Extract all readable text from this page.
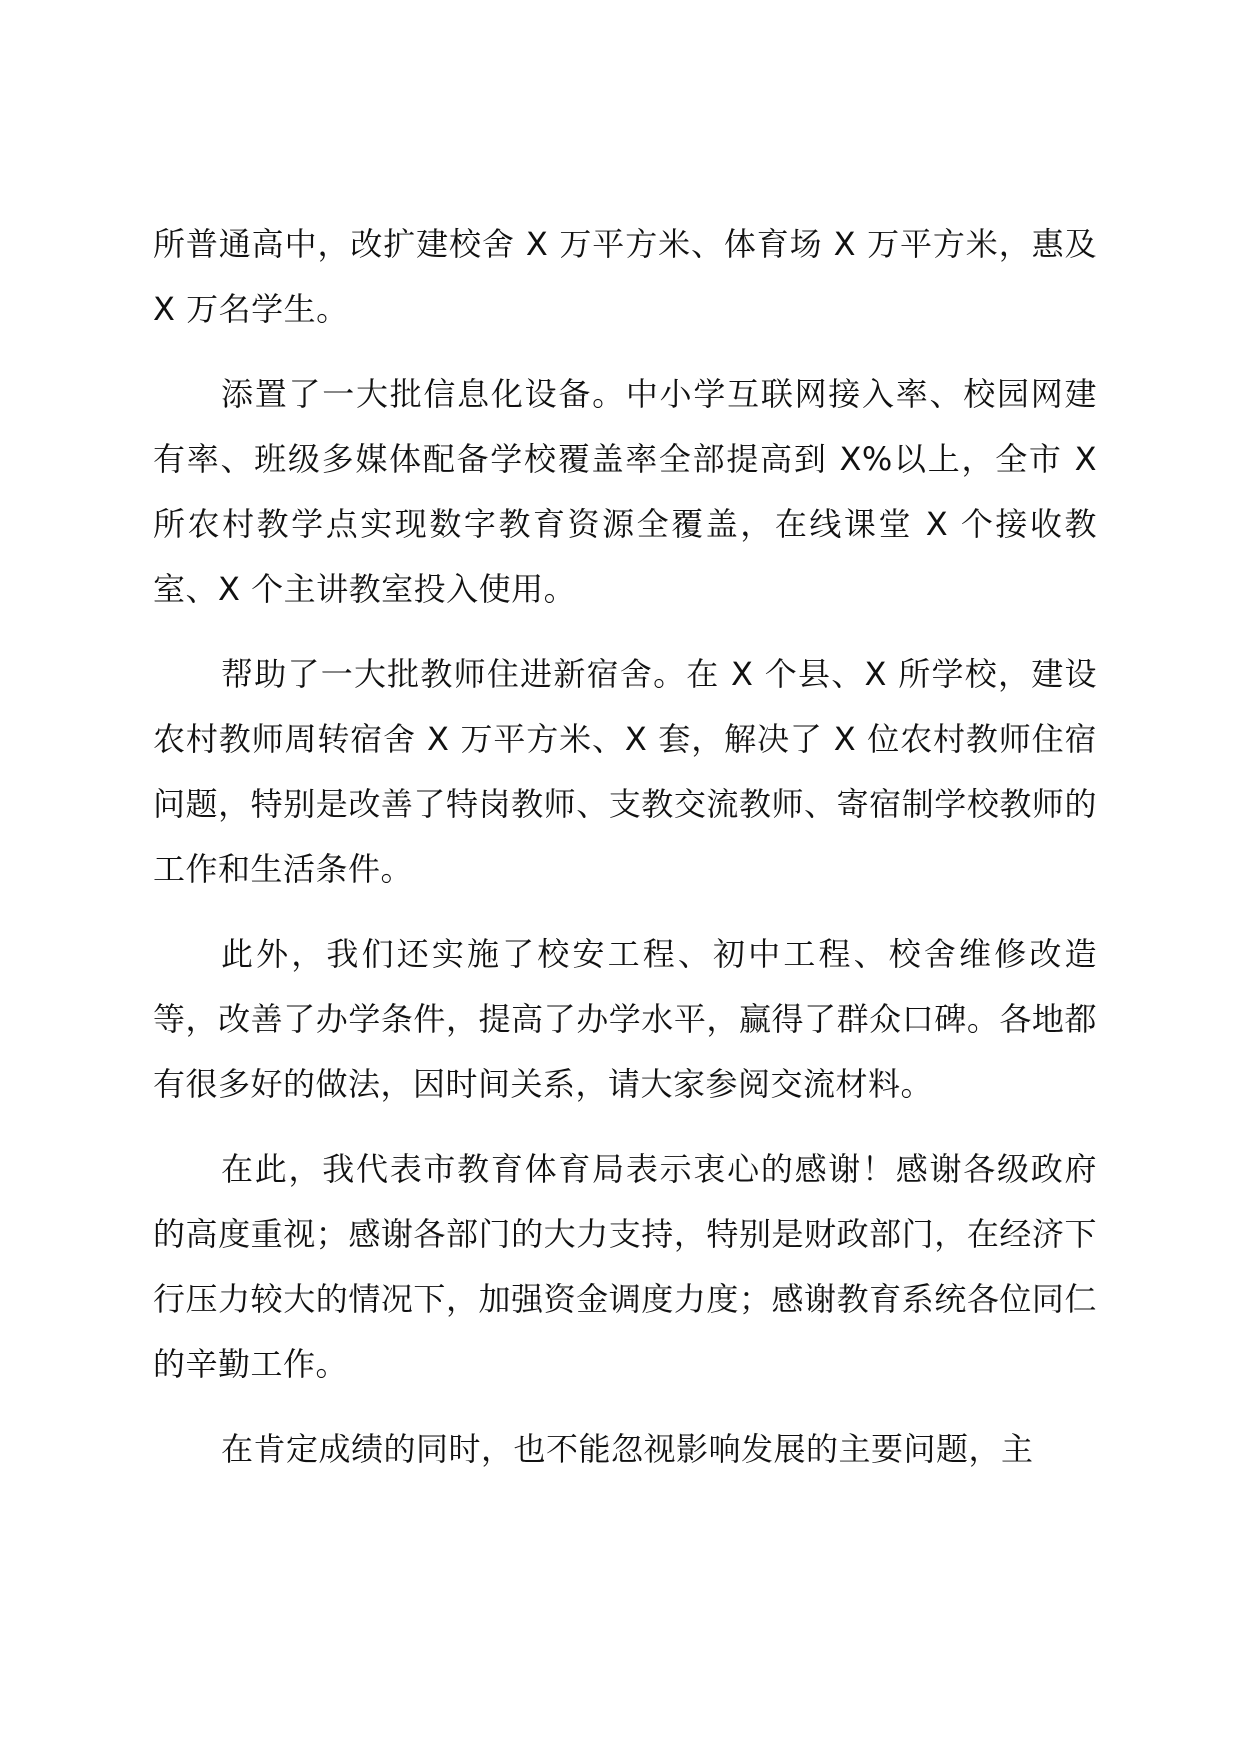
所普通高中，改扩建校舍 X 万平方米、体育场 X 万平方米，惠及 X 万名学生。

添置了一大批信息化设备。中小学互联网接入率、校园网建有率、班级多媒体配备学校覆盖率全部提高到 X%以上，全市 X 所农村教学点实现数字教育资源全覆盖，在线课堂 X 个接收教室、X 个主讲教室投入使用。

帮助了一大批教师住进新宿舍。在 X 个县、X 所学校，建设农村教师周转宿舍 X 万平方米、X 套，解决了 X 位农村教师住宿问题，特别是改善了特岗教师、支教交流教师、寄宿制学校教师的工作和生活条件。

此外，我们还实施了校安工程、初中工程、校舍维修改造等，改善了办学条件，提高了办学水平，赢得了群众口碑。各地都有很多好的做法，因时间关系，请大家参阅交流材料。

在此，我代表市教育体育局表示衷心的感谢！感谢各级政府的高度重视；感谢各部门的大力支持，特别是财政部门，在经济下行压力较大的情况下，加强资金调度力度；感谢教育系统各位同仁的辛勤工作。

在肯定成绩的同时，也不能忽视影响发展的主要问题，主
